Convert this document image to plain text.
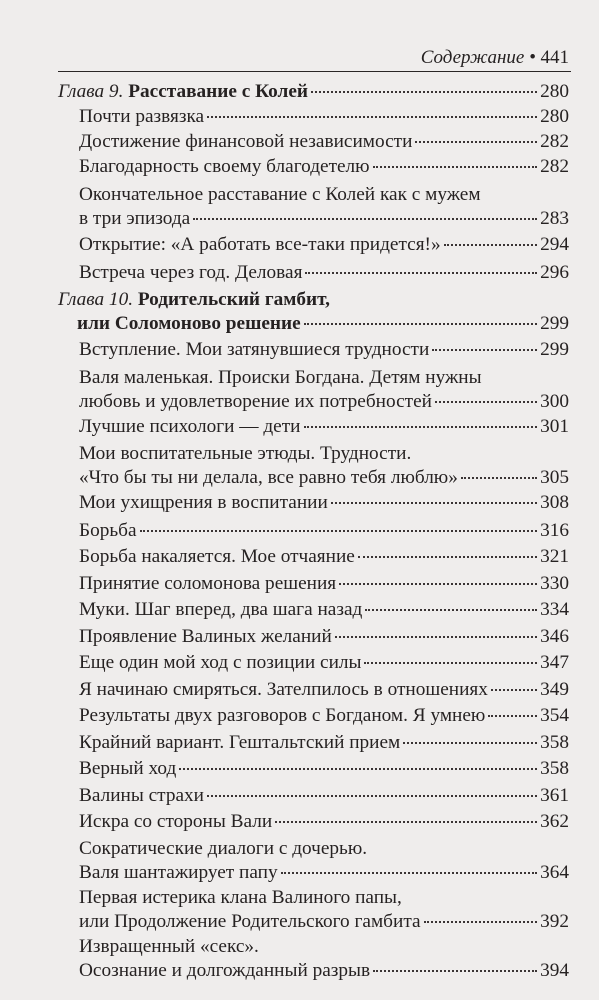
Содержание • 441
Глава 9. Расставание с Колей	280
Почти развязка	280
Достижение финансовой независимости	282
Благодарность своему благодетелю	282
Окончательное расставание с Колей как с мужем
в три эпизода	283
Открытие: «А работать все-таки придется!»	294
Встреча через год. Деловая	296
Глава 10. Родительский гамбит,
или Соломоново решение	299
Вступление. Мои затянувшиеся трудности	299
Валя маленькая. Происки Богдана. Детям нужны
любовь и удовлетворение их потребностей	300
Лучшие психологи — дети	301
Мои воспитательные этюды. Трудности.
«Что бы ты ни делала, все равно тебя люблю»	305
Мои ухищрения в воспитании	308
Борьба	316
Борьба накаляется. Мое отчаяние	321
Принятие соломонова решения	330
Муки. Шаг вперед, два шага назад	334
Проявление Валиных желаний	346
Еще один мой ход с позиции силы	347
Я начинаю смиряться. Зателпилось в отношениях	349
Результаты двух разговоров с Богданом. Я умнею	354
Крайний вариант. Гештальтский прием	358
Верный ход	358
Валины страхи	361
Искра со стороны Вали	362
Сократические диалоги с дочерью.
Валя шантажирует папу	364
Первая истерика клана Валиного папы,
или Продолжение Родительского гамбита	392
Извращенный «секс».
Осознание и долгожданный разрыв	394
